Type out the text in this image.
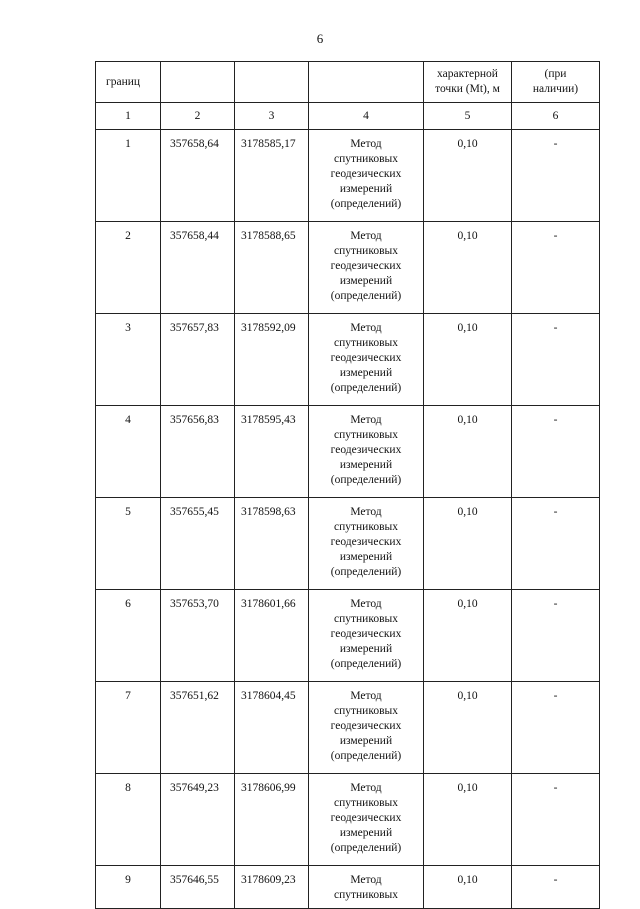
6
границ				характерной
точки (Mt), м	(при
наличии)

1	2	3	4	5	6
1	357658,64	3178585,17	Метод
спутниковых
геодезических
измерений
(определений)	0,10	-
2	357658,44	3178588,65	Метод
спутниковых
геодезических
измерений
(определений)	0,10	-
3	357657,83	3178592,09	Метод
спутниковых
геодезических
измерений
(определений)	0,10	-
4	357656,83	3178595,43	Метод
спутниковых
геодезических
измерений
(определений)	0,10	-
5	357655,45	3178598,63	Метод
спутниковых
геодезических
измерений
(определений)	0,10	-
6	357653,70	3178601,66	Метод
спутниковых
геодезических
измерений
(определений)	0,10	-
7	357651,62	3178604,45	Метод
спутниковых
геодезических
измерений
(определений)	0,10	-
8	357649,23	3178606,99	Метод
спутниковых
геодезических
измерений
(определений)	0,10	-
9	357646,55	3178609,23	Метод
спутниковых	0,10	-
